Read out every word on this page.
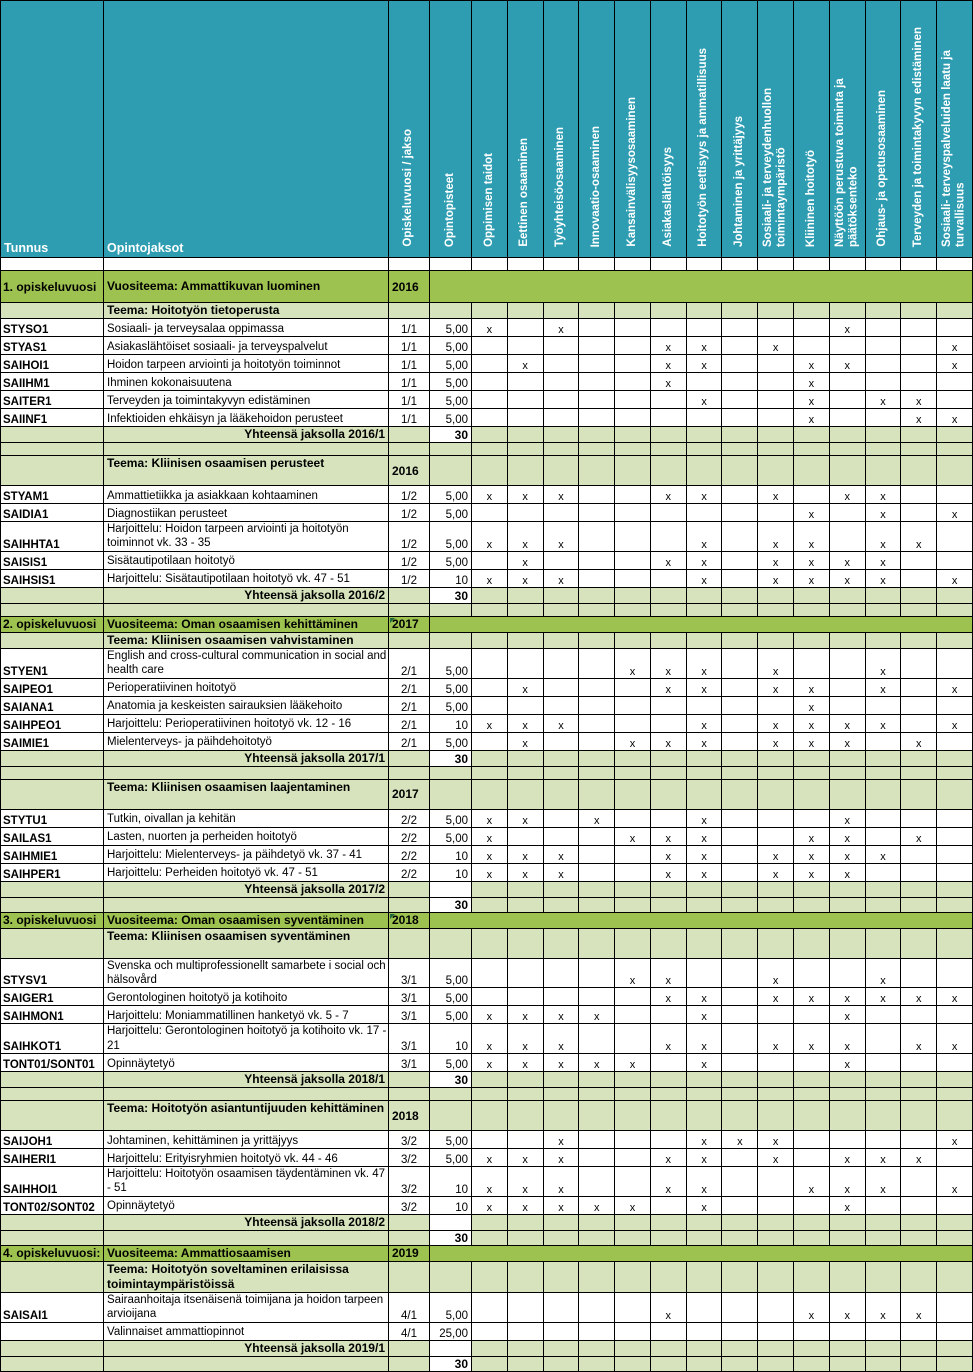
Tunnus	Opintojaksot	Opiskeluvuosi / jakso	Opintopisteet	Oppimisen taidot	Eettinen osaaminen	Työyhteisöosaaminen	Innovaatio-osaaminen	Kansainvälisyysosaaminen	Asiakaslähtöisyys	Hoitotyön eettisyys ja ammatillisuus	Johtaminen ja yrittäjyys	Sosiaali- ja terveydenhuollon toimintaympäristö	Kliininen hoitotyö	Näyttöön perustuva toiminta ja päätöksenteko	Ohjaus- ja opetusosaaminen	Terveyden ja toimintakyvyn edistäminen	Sosiaali- terveyspalveluiden laatu ja turvallisuus

1. opiskeluvuosi	Vuositeema: Ammattikuvan luominen	2016															
	Teema: Hoitotyön tietoperusta																
STYSO1	Sosiaali- ja terveysalaa oppimassa	1/1	5,00	x		x								x			
STYAS1	Asiakaslähtöiset sosiaali- ja terveyspalvelut	1/1	5,00						x	x		x					x
SAIHOI1	Hoidon tarpeen arviointi ja hoitotyön toiminnot	1/1	5,00		x				x	x			x	x			x
SAIIHM1	Ihminen kokonaisuutena	1/1	5,00						x				x				
SAITER1	Terveyden ja toimintakyvyn edistäminen	1/1	5,00							x			x		x	x	
SAIINF1	Infektioiden ehkäisyn ja lääkehoidon perusteet	1/1	5,00										x			x	x
	Yhteensä jaksolla 2016/1		30														

	Teema: Kliinisen osaamisen perusteet	2016															
STYAM1	Ammattietiikka ja asiakkaan kohtaaminen	1/2	5,00	x	x	x			x	x		x		x	x		
SAIDIA1	Diagnostiikan perusteet	1/2	5,00										x		x		x
SAIHHTA1	Harjoittelu: Hoidon tarpeen arviointi ja hoitotyön toiminnot vk. 33 - 35	1/2	5,00	x	x	x				x		x	x		x	x	
SAISIS1	Sisätautipotilaan hoitotyö	1/2	5,00		x				x	x		x	x	x	x		
SAIHSIS1	Harjoittelu: Sisätautipotilaan hoitotyö vk. 47 - 51	1/2	10	x	x	x				x		x	x	x	x		x
	Yhteensä jaksolla 2016/2		30														

2. opiskeluvuosi	Vuositeema: Oman osaamisen kehittäminen	2017														

	Teema: Kliinisen osaamisen vahvistaminen																
STYEN1	English and cross-cultural communication in social and health care	2/1	5,00					x	x	x		x			x		
SAIPEO1	Perioperatiivinen hoitotyö	2/1	5,00		x				x	x		x	x		x		x
SAIANA1	Anatomia ja keskeisten sairauksien lääkehoito	2/1	5,00										x				
SAIHPEO1	Harjoittelu: Perioperatiivinen hoitotyö vk. 12 - 16	2/1	10	x	x	x				x		x	x	x	x		x
SAIMIE1	Mielenterveys- ja päihdehoitotyö	2/1	5,00		x			x	x	x		x	x	x		x	
	Yhteensä jaksolla 2017/1		30														

	Teema: Kliinisen osaamisen laajentaminen	2017															
STYTU1	Tutkin, oivallan ja kehitän	2/2	5,00	x	x		x			x				x			
SAILAS1	Lasten, nuorten ja perheiden hoitotyö	2/2	5,00	x				x	x	x			x	x		x	
SAIHMIE1	Harjoittelu: Mielenterveys- ja päihdetyö vk. 37 - 41	2/2	10	x	x	x			x	x		x	x	x	x		
SAIHPER1	Harjoittelu: Perheiden hoitotyö vk. 47 - 51	2/2	10	x	x	x			x	x		x	x	x			
	Yhteensä jaksolla 2017/2																
			30														
3. opiskeluvuosi	Vuositeema: Oman osaamisen syventäminen	2018														

	Teema: Kliinisen osaamisen syventäminen																
STYSV1	Svenska och multiprofessionellt samarbete i social och hälsovård	3/1	5,00					x	x			x			x		
SAIGER1	Gerontologinen hoitotyö ja kotihoito	3/1	5,00						x	x		x	x	x	x	x	x
SAIHMON1	Harjoittelu: Moniammatillinen hanketyö vk. 5 - 7	3/1	5,00	x	x	x	x			x				x			
SAIHKOT1	Harjoittelu: Gerontologinen hoitotyö ja kotihoito vk. 17 - 21	3/1	10	x	x	x			x	x		x	x	x		x	x
TONT01/SONT01	Opinnäytetyö	3/1	5,00	x	x	x	x	x		x				x			
	Yhteensä jaksolla 2018/1		30														

	Teema: Hoitotyön asiantuntijuuden kehittäminen	2018															
SAIJOH1	Johtaminen, kehittäminen ja yrittäjyys	3/2	5,00			x				x	x	x					x
SAIHERI1	Harjoittelu: Erityisryhmien hoitotyö vk. 44 - 46	3/2	5,00	x	x	x			x	x		x		x	x	x	
SAIHHOI1	Harjoittelu: Hoitotyön osaamisen täydentäminen vk. 47 - 51	3/2	10	x	x	x			x	x			x	x	x		x
TONT02/SONT02	Opinnäytetyö	3/2	10	x	x	x	x	x		x				x			
	Yhteensä jaksolla 2018/2																
			30														
4. opiskeluvuosi:	Vuositeema: Ammattiosaamisen	2019															
	Teema: Hoitotyön soveltaminen erilaisissa toimintaympäristöissä																
SAISAI1	Sairaanhoitaja itsenäisenä toimijana ja hoidon tarpeen arvioijana	4/1	5,00						x				x	x	x	x	
	Valinnaiset ammattiopinnot	4/1	25,00														
	Yhteensä jaksolla 2019/1																
			30														
